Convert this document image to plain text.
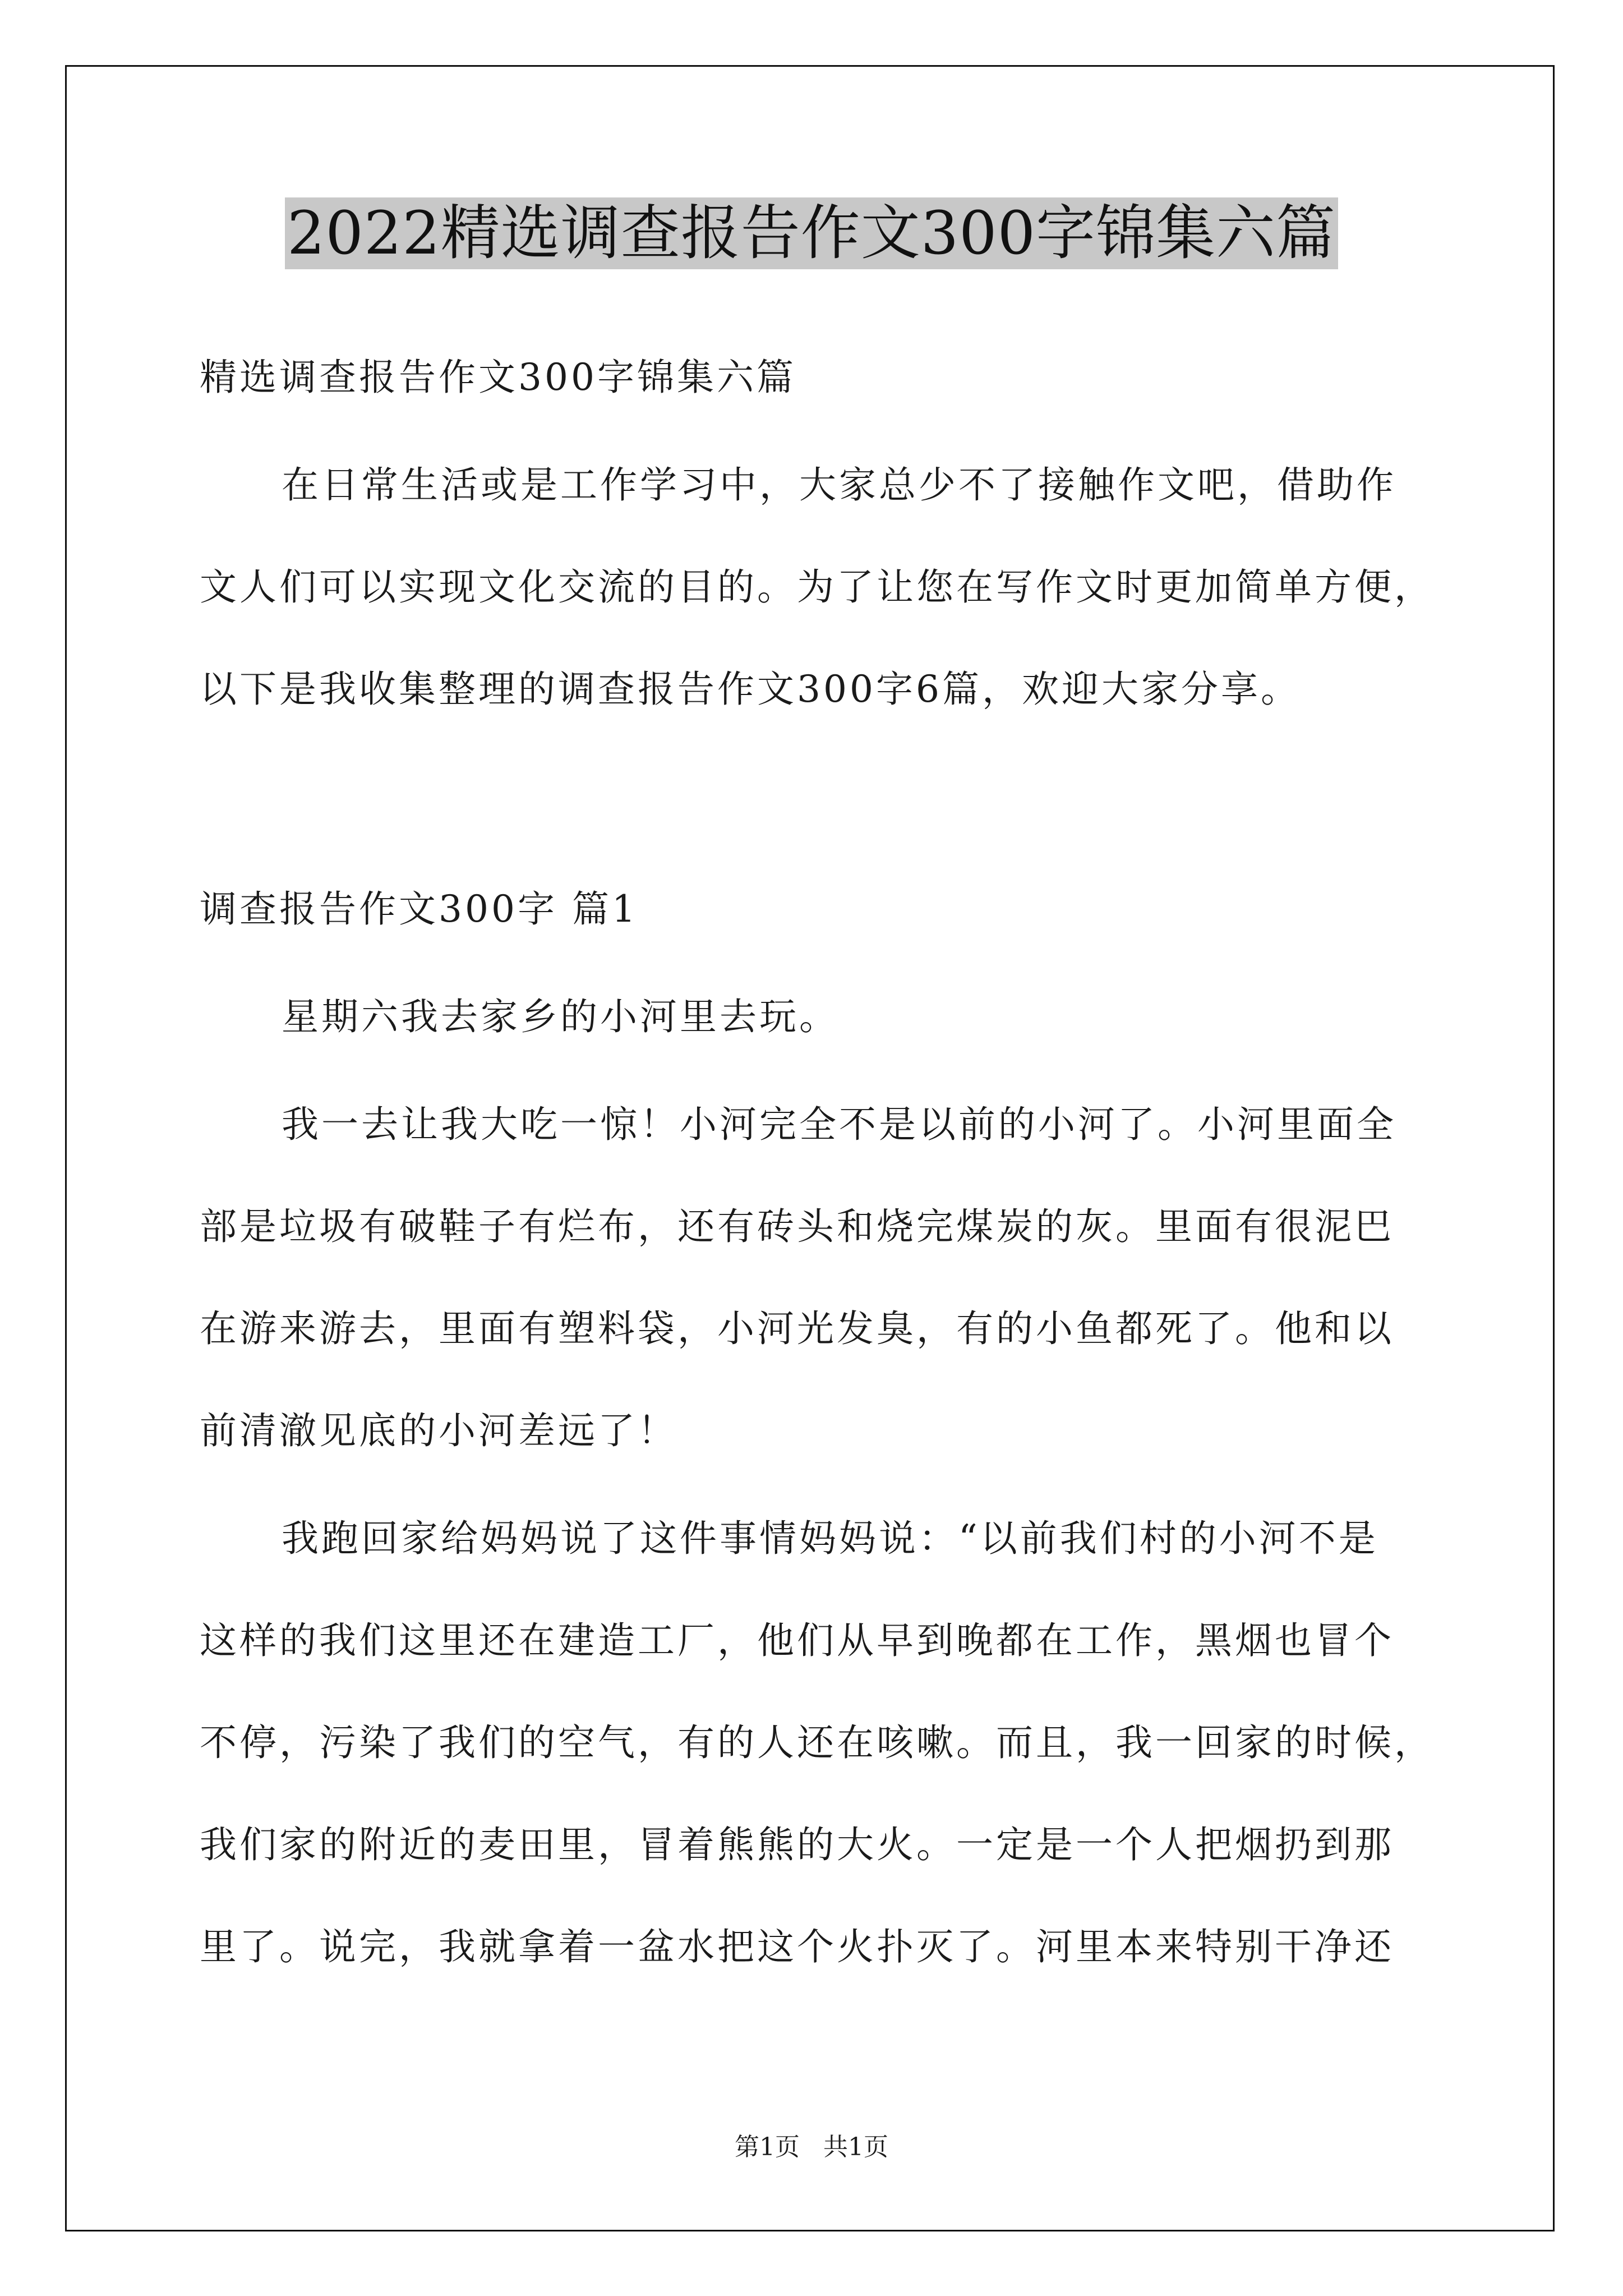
2022精选调查报告作文300字锦集六篇
精选调查报告作文300字锦集六篇
在日常生活或是工作学习中，大家总少不了接触作文吧，借助作
文人们可以实现文化交流的目的。为了让您在写作文时更加简单方便，
以下是我收集整理的调查报告作文300字6篇，欢迎大家分享。
调查报告作文300字 篇1
星期六我去家乡的小河里去玩。
我一去让我大吃一惊！小河完全不是以前的小河了。小河里面全
部是垃圾有破鞋子有烂布，还有砖头和烧完煤炭的灰。里面有很泥巴
在游来游去，里面有塑料袋，小河光发臭，有的小鱼都死了。他和以
前清澈见底的小河差远了！
我跑回家给妈妈说了这件事情妈妈说：“以前我们村的小河不是
这样的我们这里还在建造工厂，他们从早到晚都在工作，黑烟也冒个
不停，污染了我们的空气，有的人还在咳嗽。而且，我一回家的时候，
我们家的附近的麦田里，冒着熊熊的大火。一定是一个人把烟扔到那
里了。说完，我就拿着一盆水把这个火扑灭了。河里本来特别干净还
第1页   共1页
